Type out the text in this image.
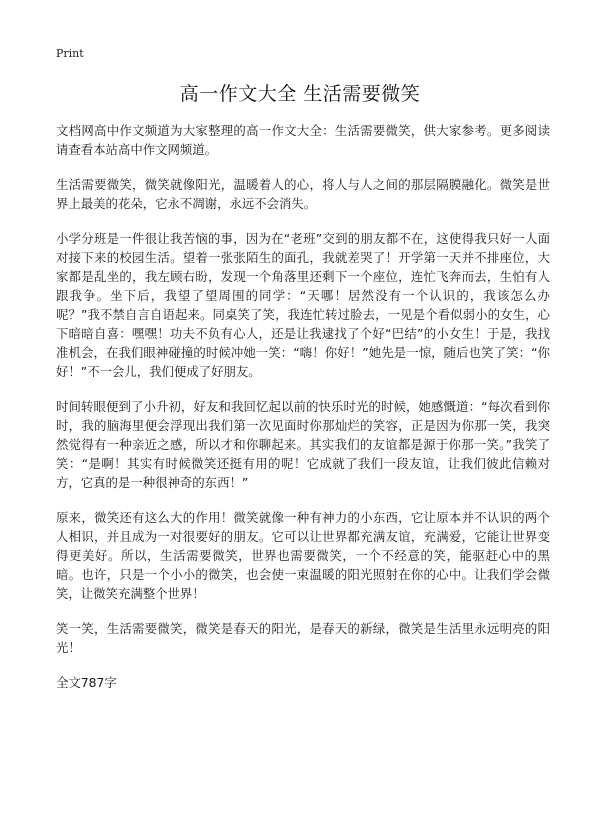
Print
高一作文大全 生活需要微笑

文档网高中作文频道为大家整理的高一作文大全：生活需要微笑，供大家参考。更多阅读请查看本站高中作文网频道。

生活需要微笑，微笑就像阳光，温暖着人的心，将人与人之间的那层隔膜融化。微笑是世界上最美的花朵，它永不凋谢，永远不会消失。

小学分班是一件很让我苦恼的事，因为在“老班”交到的朋友都不在，这使得我只好一人面对接下来的校园生活。望着一张张陌生的面孔，我就差哭了！开学第一天并不排座位，大家都是乱坐的，我左顾右盼，发现一个角落里还剩下一个座位，连忙飞奔而去，生怕有人跟我争。坐下后，我望了望周围的同学：“天哪！居然没有一个认识的，我该怎么办呢？”我不禁自言自语起来。同桌笑了笑，我连忙转过脸去，一见是个看似弱小的女生，心下暗暗自喜：嘿嘿！功夫不负有心人，还是让我逮找了个好“巴结”的小女生！于是，我找准机会，在我们眼神碰撞的时候冲她一笑：“嗨！你好！”她先是一惊，随后也笑了笑：“你好！”不一会儿，我们便成了好朋友。

时间转眼便到了小升初，好友和我回忆起以前的快乐时光的时候，她感慨道：“每次看到你时，我的脑海里便会浮现出我们第一次见面时你那灿烂的笑容，正是因为你那一笑，我突然觉得有一种亲近之感，所以才和你聊起来。其实我们的友谊都是源于你那一笑。”我笑了笑：“是啊！其实有时候微笑还挺有用的呢！它成就了我们一段友谊，让我们彼此信赖对方，它真的是一种很神奇的东西！”

原来，微笑还有这么大的作用！微笑就像一种有神力的小东西，它让原本并不认识的两个人相识，并且成为一对很要好的朋友。它可以让世界都充满友谊，充满爱，它能让世界变得更美好。所以，生活需要微笑，世界也需要微笑，一个不经意的笑，能驱赶心中的黑暗。也许，只是一个小小的微笑，也会使一束温暖的阳光照射在你的心中。让我们学会微笑，让微笑充满整个世界！

笑一笑，生活需要微笑，微笑是春天的阳光，是春天的新绿，微笑是生活里永远明亮的阳光！

全文787字
